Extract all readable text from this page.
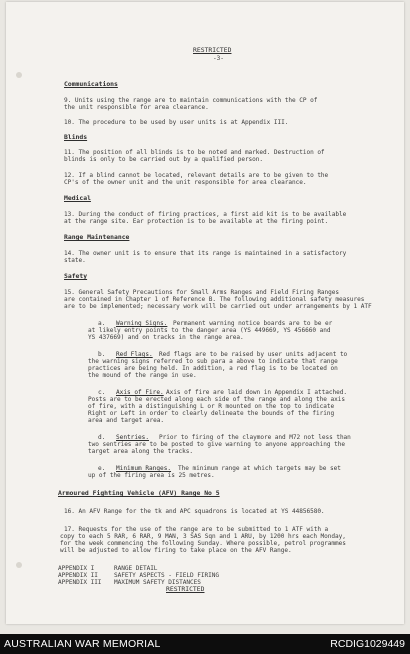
RESTRICTED
-3-
Communications
9. Units using the range are to maintain communications with the CP of
the unit responsible for area clearance.
10. The procedure to be used by user units is at Appendix III.
Blinds
11. The position of all blinds is to be noted and marked. Destruction of
blinds is only to be carried out by a qualified person.
12. If a blind cannot be located, relevant details are to be given to the
CP's of the owner unit and the unit responsible for area clearance.
Medical
13. During the conduct of firing practices, a first aid kit is to be available
at the range site. Ear protection is to be available at the firing point.
Range Maintenance
14. The owner unit is to ensure that its range is maintained in a satisfactory
state.
Safety
15. General Safety Precautions for Small Arms Ranges and Field Firing Ranges
are contained in Chapter 1 of Reference B. The following additional safety measures
are to be implemented; necessary work will be carried out under arrangements by 1 ATF
a. Warning Signs. Permanent warning notice boards are to be er
at likely entry points to the danger area (YS 449669, YS 456660 and
YS 437669) and on tracks in the range area.
b. Red Flags. Red flags are to be raised by user units adjacent to
the warning signs referred to sub para a above to indicate that range
practices are being held. In addition, a red flag is to be located on
the mound of the range in use.
c. Axis of Fire. Axis of fire are laid down in Appendix I attached.
Posts are to be erected along each side of the range and along the axis
of fire, with a distinguishing L or R mounted on the top to indicate
Right or Left in order to clearly delineate the bounds of the firing
area and target area.
d. Sentries. Prior to firing of the claymore and M72 not less than
two sentries are to be posted to give warning to anyone approaching the
target area along the tracks.
e. Minimum Ranges. The minimum range at which targets may be set
up of the firing area is 25 metres.
Armoured Fighting Vehicle (AFV) Range No 5
16. An AFV Range for the tk and APC squadrons is located at YS 44856580.
17. Requests for the use of the range are to be submitted to 1 ATF with a
copy to each 5 RAR, 6 RAR, 9 MAN, 3 SAS Sqn and 1 ARU, by 1200 hrs each Monday,
for the week commencing the following Sunday. Where possible, petrol programmes
will be adjusted to allow firing to take place on the AFV Range.
APPENDIX I	RANGE DETAIL
APPENDIX II	SAFETY ASPECTS - FIELD FIRING
APPENDIX III MAXIMUM SAFETY DISTANCES
RESTRICTED
AUSTRALIAN WAR MEMORIAL	RCDIG1029449
